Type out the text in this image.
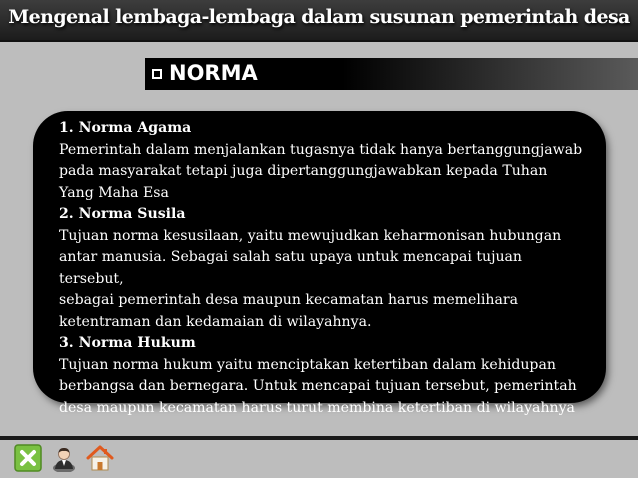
Mengenal lembaga-lembaga dalam susunan pemerintah desa
NORMA

1. Norma Agama

Pemerintah dalam menjalankan tugasnya tidak hanya bertanggungjawab

pada masyarakat tetapi juga dipertanggungjawabkan kepada Tuhan

Yang Maha Esa

2. Norma Susila

Tujuan norma kesusilaan, yaitu mewujudkan keharmonisan hubungan

antar manusia. Sebagai salah satu upaya untuk mencapai tujuan tersebut,

sebagai pemerintah desa maupun kecamatan harus memelihara

ketentraman dan kedamaian di wilayahnya.

3. Norma Hukum

Tujuan norma hukum yaitu menciptakan ketertiban dalam kehidupan

berbangsa dan bernegara. Untuk mencapai tujuan tersebut, pemerintah

desa maupun kecamatan harus turut membina ketertiban di wilayahnya
